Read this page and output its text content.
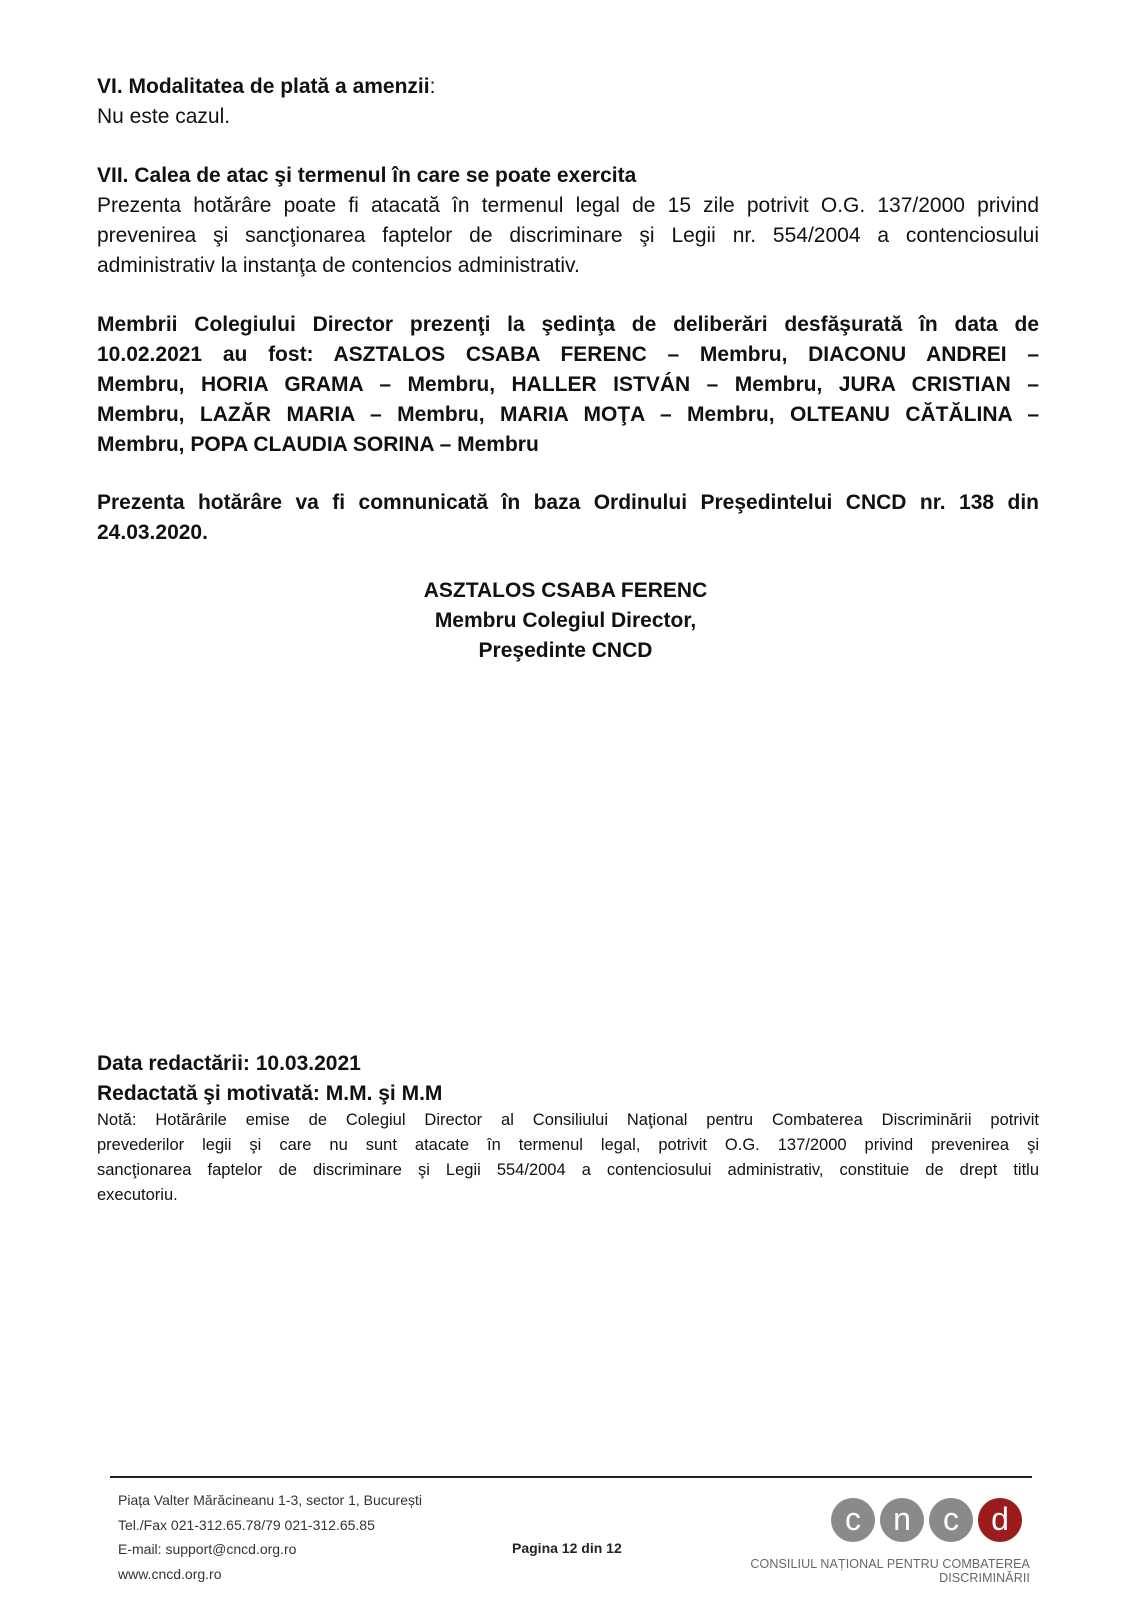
VI. Modalitatea de plată a amenzii:
Nu este cazul.
VII. Calea de atac şi termenul în care se poate exercita
Prezenta hotărâre poate fi atacată în termenul legal de 15 zile potrivit O.G. 137/2000 privind
prevenirea şi sancţionarea faptelor de discriminare şi Legii nr. 554/2004 a contenciosului
administrativ la instanţa de contencios administrativ.
Membrii Colegiului Director prezenţi la şedinţa de deliberări desfăşurată în data de
10.02.2021 au fost: ASZTALOS CSABA FERENC – Membru, DIACONU ANDREI –
Membru, HORIA GRAMA – Membru, HALLER ISTVÁN – Membru, JURA CRISTIAN –
Membru, LAZĂR MARIA – Membru, MARIA MOŢA – Membru, OLTEANU CĂTĂLINA –
Membru, POPA CLAUDIA SORINA – Membru
Prezenta hotărâre va fi comnunicată în baza Ordinului Preşedintelui CNCD nr. 138 din
24.03.2020.
ASZTALOS CSABA FERENC
Membru Colegiul Director,
Preşedinte CNCD
Data redactării: 10.03.2021
Redactată şi motivată: M.M. şi M.M
Notă: Hotărârile emise de Colegiul Director al Consiliului Naţional pentru Combaterea Discriminării potrivit
prevederilor legii şi care nu sunt atacate în termenul legal, potrivit O.G. 137/2000 privind prevenirea şi
sancţionarea faptelor de discriminare şi Legii 554/2004 a contenciosului administrativ, constituie de drept titlu
executoriu.
Piața Valter Mărăcineanu 1-3, sector 1, București
Tel./Fax 021-312.65.78/79 021-312.65.85
E-mail: support@cncd.org.ro
www.cncd.org.ro
Pagina 12 din 12
c n c d
CONSILIUL NAȚIONAL PENTRU COMBATEREA DISCRIMINĂRII
